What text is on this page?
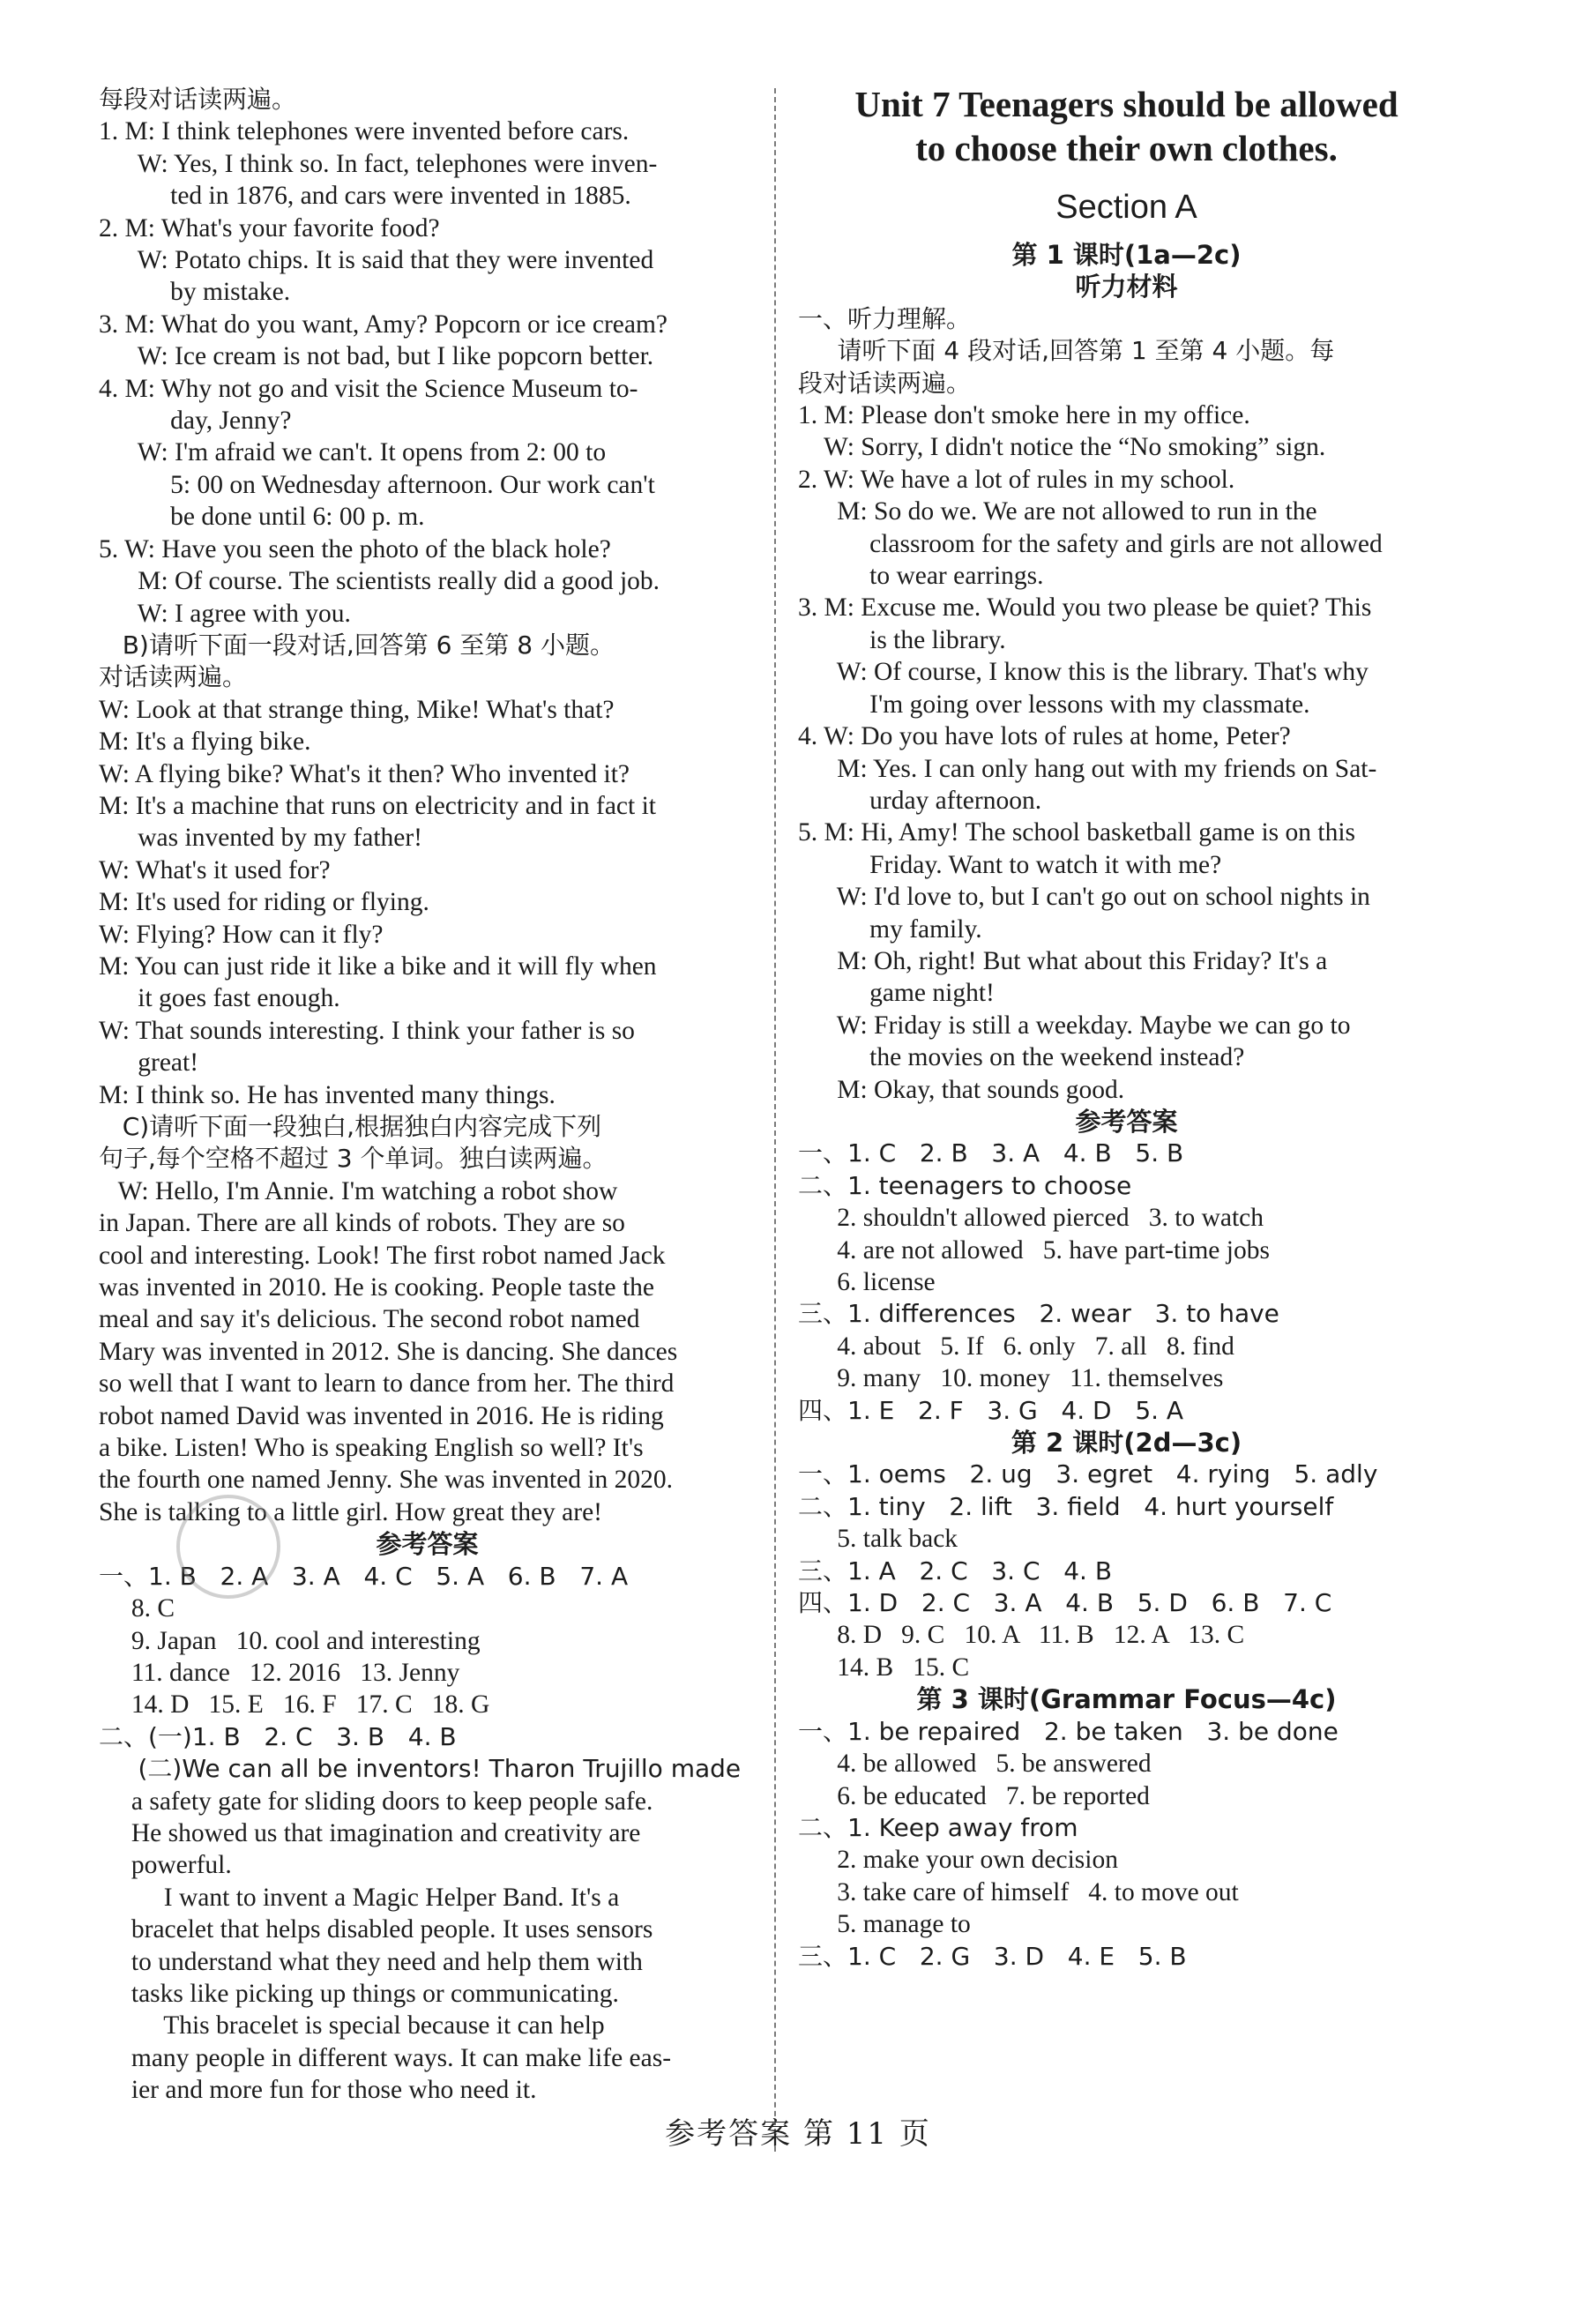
每段对话读两遍。
1. M: I think telephones were invented before cars.
W: Yes, I think so. In fact, telephones were inven-
ted in 1876, and cars were invented in 1885.
2. M: What's your favorite food?
W: Potato chips. It is said that they were invented
by mistake.
3. M: What do you want, Amy? Popcorn or ice cream?
W: Ice cream is not bad, but I like popcorn better.
4. M: Why not go and visit the Science Museum to-
day, Jenny?
W: I'm afraid we can't. It opens from 2: 00 to
5: 00 on Wednesday afternoon. Our work can't
be done until 6: 00 p. m.
5. W: Have you seen the photo of the black hole?
M: Of course. The scientists really did a good job.
W: I agree with you.
B)请听下面一段对话,回答第 6 至第 8 小题。
对话读两遍。
W: Look at that strange thing, Mike! What's that?
M: It's a flying bike.
W: A flying bike? What's it then? Who invented it?
M: It's a machine that runs on electricity and in fact it
was invented by my father!
W: What's it used for?
M: It's used for riding or flying.
W: Flying? How can it fly?
M: You can just ride it like a bike and it will fly when
it goes fast enough.
W: That sounds interesting. I think your father is so
great!
M: I think so. He has invented many things.
C)请听下面一段独白,根据独白内容完成下列
句子,每个空格不超过 3 个单词。独白读两遍。
W: Hello, I'm Annie. I'm watching a robot show
in Japan. There are all kinds of robots. They are so
cool and interesting. Look! The first robot named Jack
was invented in 2010. He is cooking. People taste the
meal and say it's delicious. The second robot named
Mary was invented in 2012. She is dancing. She dances
so well that I want to learn to dance from her. The third
robot named David was invented in 2016. He is riding
a bike. Listen! Who is speaking English so well? It's
the fourth one named Jenny. She was invented in 2020.
She is talking to a little girl. How great they are!
参考答案
一、1. B   2. A   3. A   4. C   5. A   6. B   7. A
8. C
9. Japan   10. cool and interesting
11. dance   12. 2016   13. Jenny
14. D   15. E   16. F   17. C   18. G
二、(一)1. B   2. C   3. B   4. B
(二)We can all be inventors! Tharon Trujillo made
a safety gate for sliding doors to keep people safe.
He showed us that imagination and creativity are
powerful.
I want to invent a Magic Helper Band. It's a
bracelet that helps disabled people. It uses sensors
to understand what they need and help them with
tasks like picking up things or communicating.
This bracelet is special because it can help
many people in different ways. It can make life eas-
ier and more fun for those who need it.
Unit 7 Teenagers should be allowed
to choose their own clothes.
Section A
第 1 课时(1a—2c)
听力材料
一、听力理解。
请听下面 4 段对话,回答第 1 至第 4 小题。每
段对话读两遍。
1. M: Please don't smoke here in my office.
W: Sorry, I didn't notice the “No smoking” sign.
2. W: We have a lot of rules in my school.
M: So do we. We are not allowed to run in the
classroom for the safety and girls are not allowed
to wear earrings.
3. M: Excuse me. Would you two please be quiet? This
is the library.
W: Of course, I know this is the library. That's why
I'm going over lessons with my classmate.
4. W: Do you have lots of rules at home, Peter?
M: Yes. I can only hang out with my friends on Sat-
urday afternoon.
5. M: Hi, Amy! The school basketball game is on this
Friday. Want to watch it with me?
W: I'd love to, but I can't go out on school nights in
my family.
M: Oh, right! But what about this Friday? It's a
game night!
W: Friday is still a weekday. Maybe we can go to
the movies on the weekend instead?
M: Okay, that sounds good.
参考答案
一、1. C   2. B   3. A   4. B   5. B
二、1. teenagers to choose
2. shouldn't allowed pierced   3. to watch
4. are not allowed   5. have part-time jobs
6. license
三、1. differences   2. wear   3. to have
4. about   5. If   6. only   7. all   8. find
9. many   10. money   11. themselves
四、1. E   2. F   3. G   4. D   5. A
第 2 课时(2d—3c)
一、1. oems   2. ug   3. egret   4. rying   5. adly
二、1. tiny   2. lift   3. field   4. hurt yourself
5. talk back
三、1. A   2. C   3. C   4. B
四、1. D   2. C   3. A   4. B   5. D   6. B   7. C
8. D   9. C   10. A   11. B   12. A   13. C
14. B   15. C
第 3 课时(Grammar Focus—4c)
一、1. be repaired   2. be taken   3. be done
4. be allowed   5. be answered
6. be educated   7. be reported
二、1. Keep away from
2. make your own decision
3. take care of himself   4. to move out
5. manage to
三、1. C   2. G   3. D   4. E   5. B
参考答案 第 11 页
